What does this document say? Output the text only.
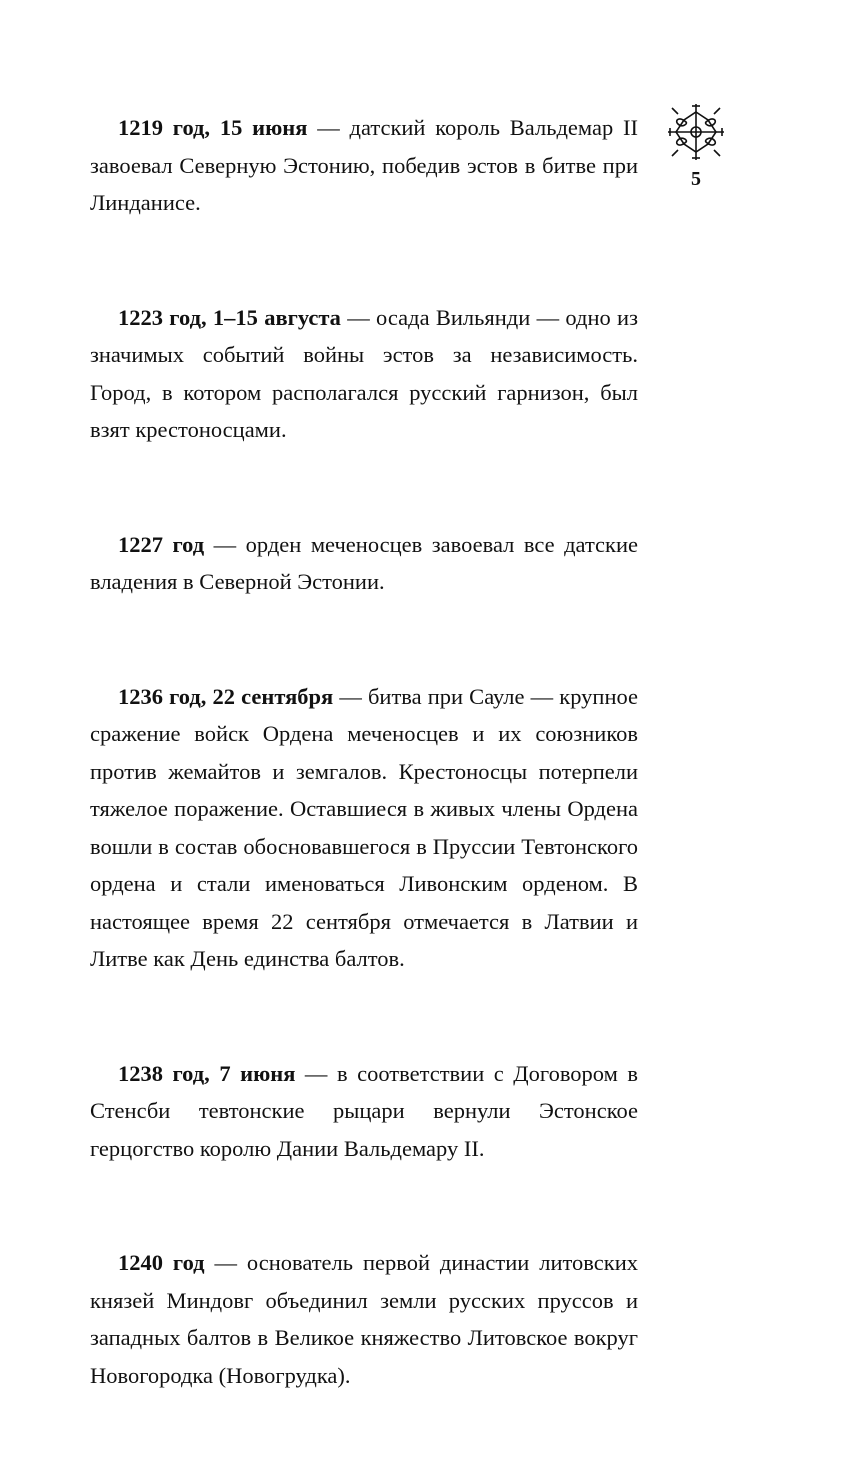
5

1219 год, 15 июня — датский король Вальдемар II завоевал Северную Эстонию, победив эстов в битве при Линданисе.

1223 год, 1–15 августа — осада Вильянди — одно из значимых событий войны эстов за независимость. Город, в котором располагался русский гарнизон, был взят крестоносцами.

1227 год — орден меченосцев завоевал все датские владения в Северной Эстонии.

1236 год, 22 сентября — битва при Сауле — крупное сражение войск Ордена меченосцев и их союзников против жемайтов и земгалов. Крестоносцы потерпели тяжелое поражение. Оставшиеся в живых члены Ордена вошли в состав обосновавшегося в Пруссии Тевтонского ордена и стали именоваться Ливонским орденом. В настоящее время 22 сентября отмечается в Латвии и Литве как День единства балтов.

1238 год, 7 июня — в соответствии с Договором в Стенсби тевтонские рыцари вернули Эстонское герцогство королю Дании Вальдемару II.

1240 год — основатель первой династии литовских князей Миндовг объединил земли русских пруссов и западных балтов в Великое княжество Литовское вокруг Новогородка (Новогрудка).
